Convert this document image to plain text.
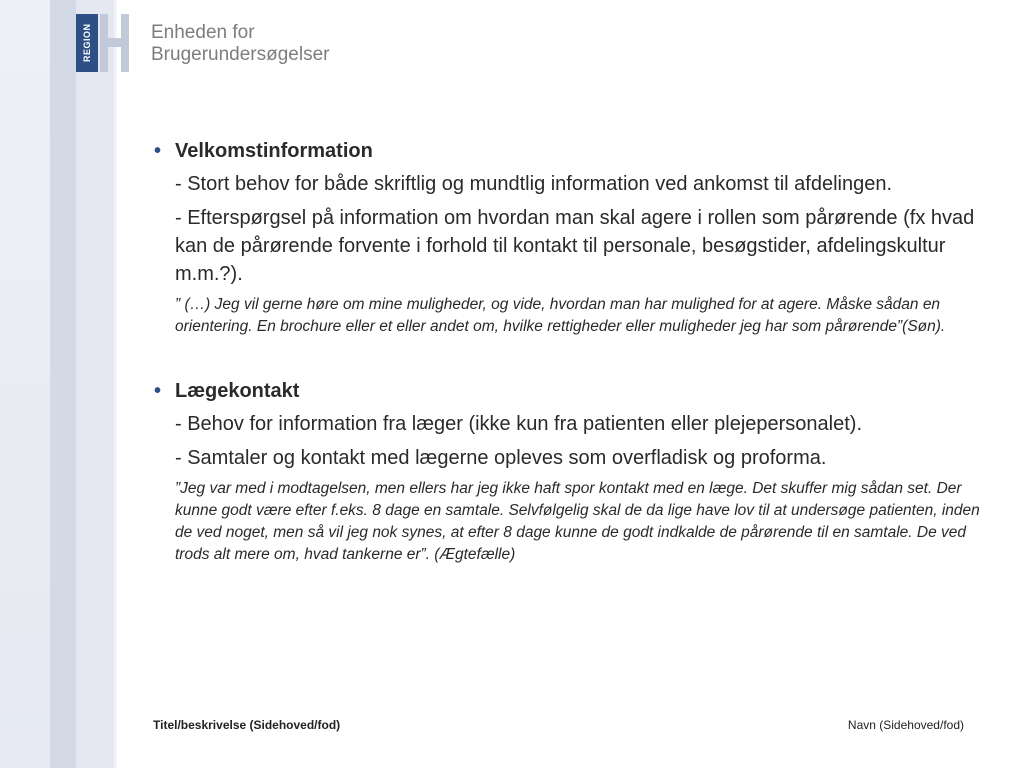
REGION	Enheden for
Brugerundersøgelser
• Velkomstinformation
- Stort behov for både skriftlig og mundtlig information ved ankomst til afdelingen.
- Efterspørgsel på information om hvordan man skal agere i rollen som pårørende (fx hvad kan de pårørende forvente i forhold til kontakt til personale, besøgstider, afdelingskultur m.m.?).
” (…) Jeg vil gerne høre om mine muligheder, og vide, hvordan man har mulighed for at agere. Måske sådan en orientering. En brochure eller et eller andet om, hvilke rettigheder eller muligheder jeg har som pårørende”(Søn).
• Lægekontakt
- Behov for information fra læger (ikke kun fra patienten eller plejepersonalet).
- Samtaler og kontakt med lægerne opleves som overfladisk og proforma.
”Jeg var med i modtagelsen, men ellers har jeg ikke haft spor kontakt med en læge. Det skuffer mig sådan set. Der kunne godt være efter f.eks. 8 dage en samtale. Selvfølgelig skal de da lige have lov til at undersøge patienten, inden de ved noget, men så vil jeg nok synes, at efter 8 dage kunne de godt indkalde de pårørende til en samtale. De ved trods alt mere om, hvad tankerne er”. (Ægtefælle)
Titel/beskrivelse (Sidehoved/fod)	Navn (Sidehoved/fod)
